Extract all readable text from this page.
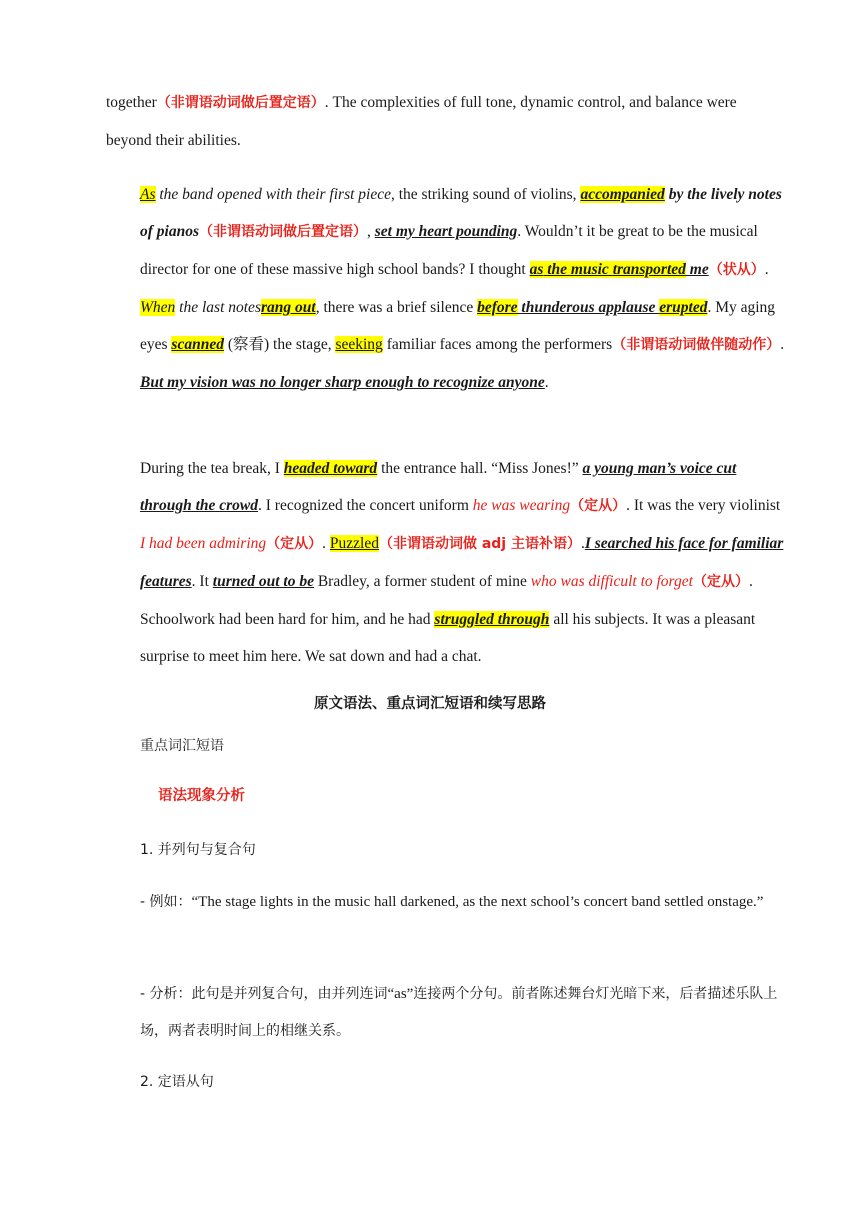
together（非谓语动词做后置定语）. The complexities of full tone, dynamic control, and balance were beyond their abilities.
As the band opened with their first piece, the striking sound of violins, accompanied by the lively notes of pianos（非谓语动词做后置定语）, set my heart pounding. Wouldn’t it be great to be the musical director for one of these massive high school bands? I thought as the music transported me（状从）. When the last notesrang out, there was a brief silence before thunderous applause erupted. My aging eyes scanned (察看) the stage, seeking familiar faces among the performers（非谓语动词做伴随动作）. But my vision was no longer sharp enough to recognize anyone.
During the tea break, I headed toward the entrance hall. “Miss Jones!” a young man’s voice cut through the crowd. I recognized the concert uniform he was wearing（定从）. It was the very violinist I had been admiring（定从）. Puzzled（非谓语动词做 adj 主语补语）.I searched his face for familiar features. It turned out to be Bradley, a former student of mine who was difficult to forget（定从）. Schoolwork had been hard for him, and he had struggled through all his subjects. It was a pleasant surprise to meet him here. We sat down and had a chat.
原文语法、重点词汇短语和续写思路
重点词汇短语
语法现象分析
1. 并列句与复合句
- 例如：“The stage lights in the music hall darkened, as the next school’s concert band settled onstage.”
- 分析：此句是并列复合句，由并列连词“as”连接两个分句。前者陈述舞台灯光暗下来，后者描述乐队上场，两者表明时间上的相继关系。
2. 定语从句
